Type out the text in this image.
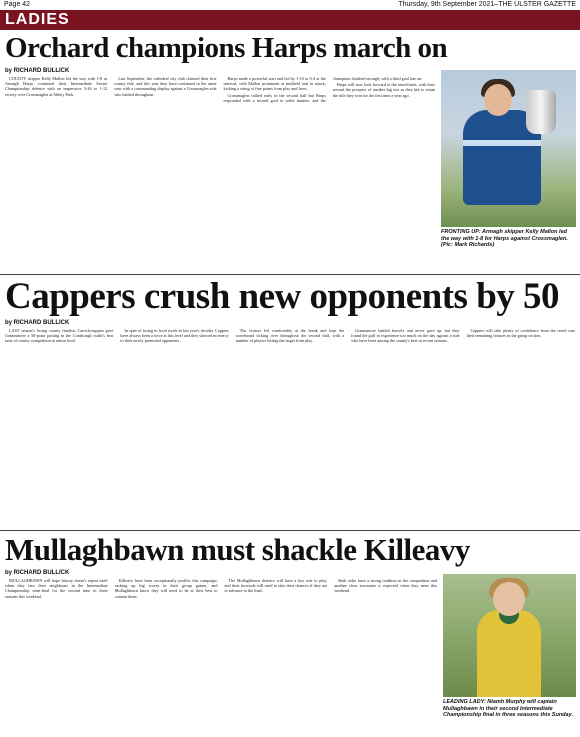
Page 42	Thursday, 9th September 2021–THE ULSTER GAZETTE
LADIES
Orchard champions Harps march on
by RICHARD BULLICK

COUNTY skipper Kelly Mallon led the way with 1-8 as Armagh Harps continued their Intermediate Senior Championship defence with an impressive 3-26 to 1-12 victory over Crossmaglen at Abbey Park.

Last September, the cathedral city club claimed their first county title, and this year they have continued in the same vein with a commanding display against a Crossmaglen side who battled throughout.

Harps made a powerful start and led by 1-10 to 0-4 at the interval, with Mallon prominent at midfield and in attack, kicking a string of fine points from play and frees.

Crossmaglen rallied early in the second half but Harps responded with a second goal to settle matters, and the champions finished strongly with a third goal late on.

Harps will now look forward to the semi-finals, with their reward the prospect of another big test as they bid to retain the title they won for the first time a year ago.

FRONTING UP: Armagh skipper Kelly Mallon led the way with 1-8 for Harps against Crossmaglen. (Pic: Mark Richards)
Cappers crush new opponents by 50
by RICHARD BULLICK

LAST season's losing county finalists Carrickcruppen gave Grannsmore a 50-point pasting in the Conshoagh outfit's first taste of county competition at senior level.

In spite of losing to local rivals in last year's decider, Cappers have always been a force at this level and they showed no mercy to their newly promoted opponents.

The visitors led comfortably at the break and kept the scoreboard ticking over throughout the second half, with a number of players hitting the target from play.

Grannsmore battled bravely and never gave up, but they found the gulf in experience too much on the day against a side who have been among the county's best in recent seasons.

Cappers will take plenty of confidence from the result into their remaining fixtures in the group section.

Mullaghbawn must shackle Killeavy
by RICHARD BULLICK

MULLAGHBAWN will hope history doesn't repeat itself when they face their neighbours in the Intermediate Championship semi-final for the second time in three seasons this weekend.

Killeavy have been exceptionally prolific this campaign, racking up big scores in their group games, and Mullaghbawn know they will need to be at their best to contain them.

The Mullaghbawn defence will have a key role to play, and their forwards will need to take their chances if they are to advance to the final.

Both sides have a strong tradition in the competition and another close encounter is expected when they meet this weekend.

LEADING LADY: Niamh Murphy will captain Mullaghbawn in their second Intermediate Championship final in three seasons this Sunday.
